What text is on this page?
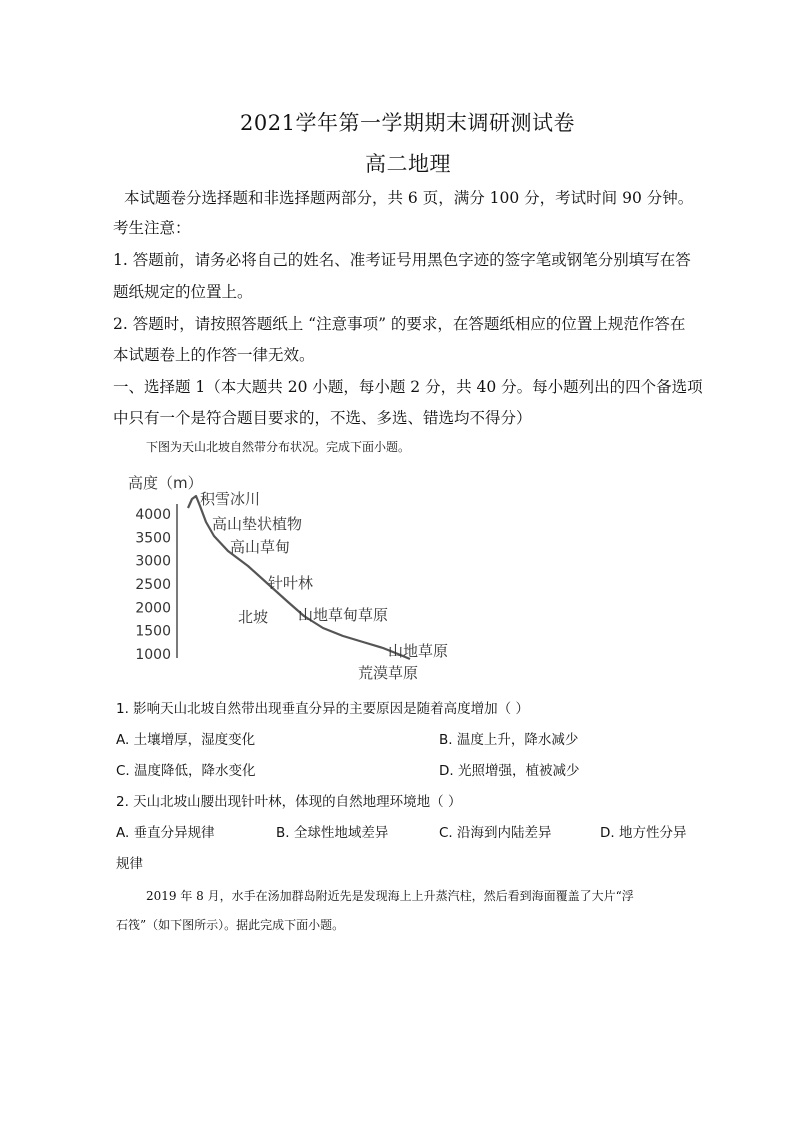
2021学年第一学期期末调研测试卷
高二地理
本试题卷分选择题和非选择题两部分，共 6 页，满分 100 分，考试时间 90 分钟。
考生注意：
1. 答题前，请务必将自己的姓名、准考证号用黑色字迹的签字笔或钢笔分别填写在答
题纸规定的位置上。
2. 答题时，请按照答题纸上 “注意事项” 的要求，在答题纸相应的位置上规范作答在
本试题卷上的作答一律无效。
一、选择题 1（本大题共 20 小题，每小题 2 分，共 40 分。每小题列出的四个备选项
中只有一个是符合题目要求的，不选、多选、错选均不得分）
下图为天山北坡自然带分布状况。完成下面小题。
高度（m）
4000
3500
3000
2500
2000
1500
1000
积雪冰川
高山垫状植物
高山草甸
针叶林
山地草甸草原
山地草原
荒漠草原
北坡
1. 影响天山北坡自然带出现垂直分异的主要原因是随着高度增加（ ）
A. 土壤增厚，湿度变化	B. 温度上升，降水减少
C. 温度降低，降水变化	D. 光照增强，植被减少
2. 天山北坡山腰出现针叶林，体现的自然地理环境地（ ）
A. 垂直分异规律	B. 全球性地域差异	C. 沿海到内陆差异	D. 地方性分异
规律
2019 年 8 月，水手在汤加群岛附近先是发现海上上升蒸汽柱，然后看到海面覆盖了大片“浮
石筏”（如下图所示）。据此完成下面小题。
